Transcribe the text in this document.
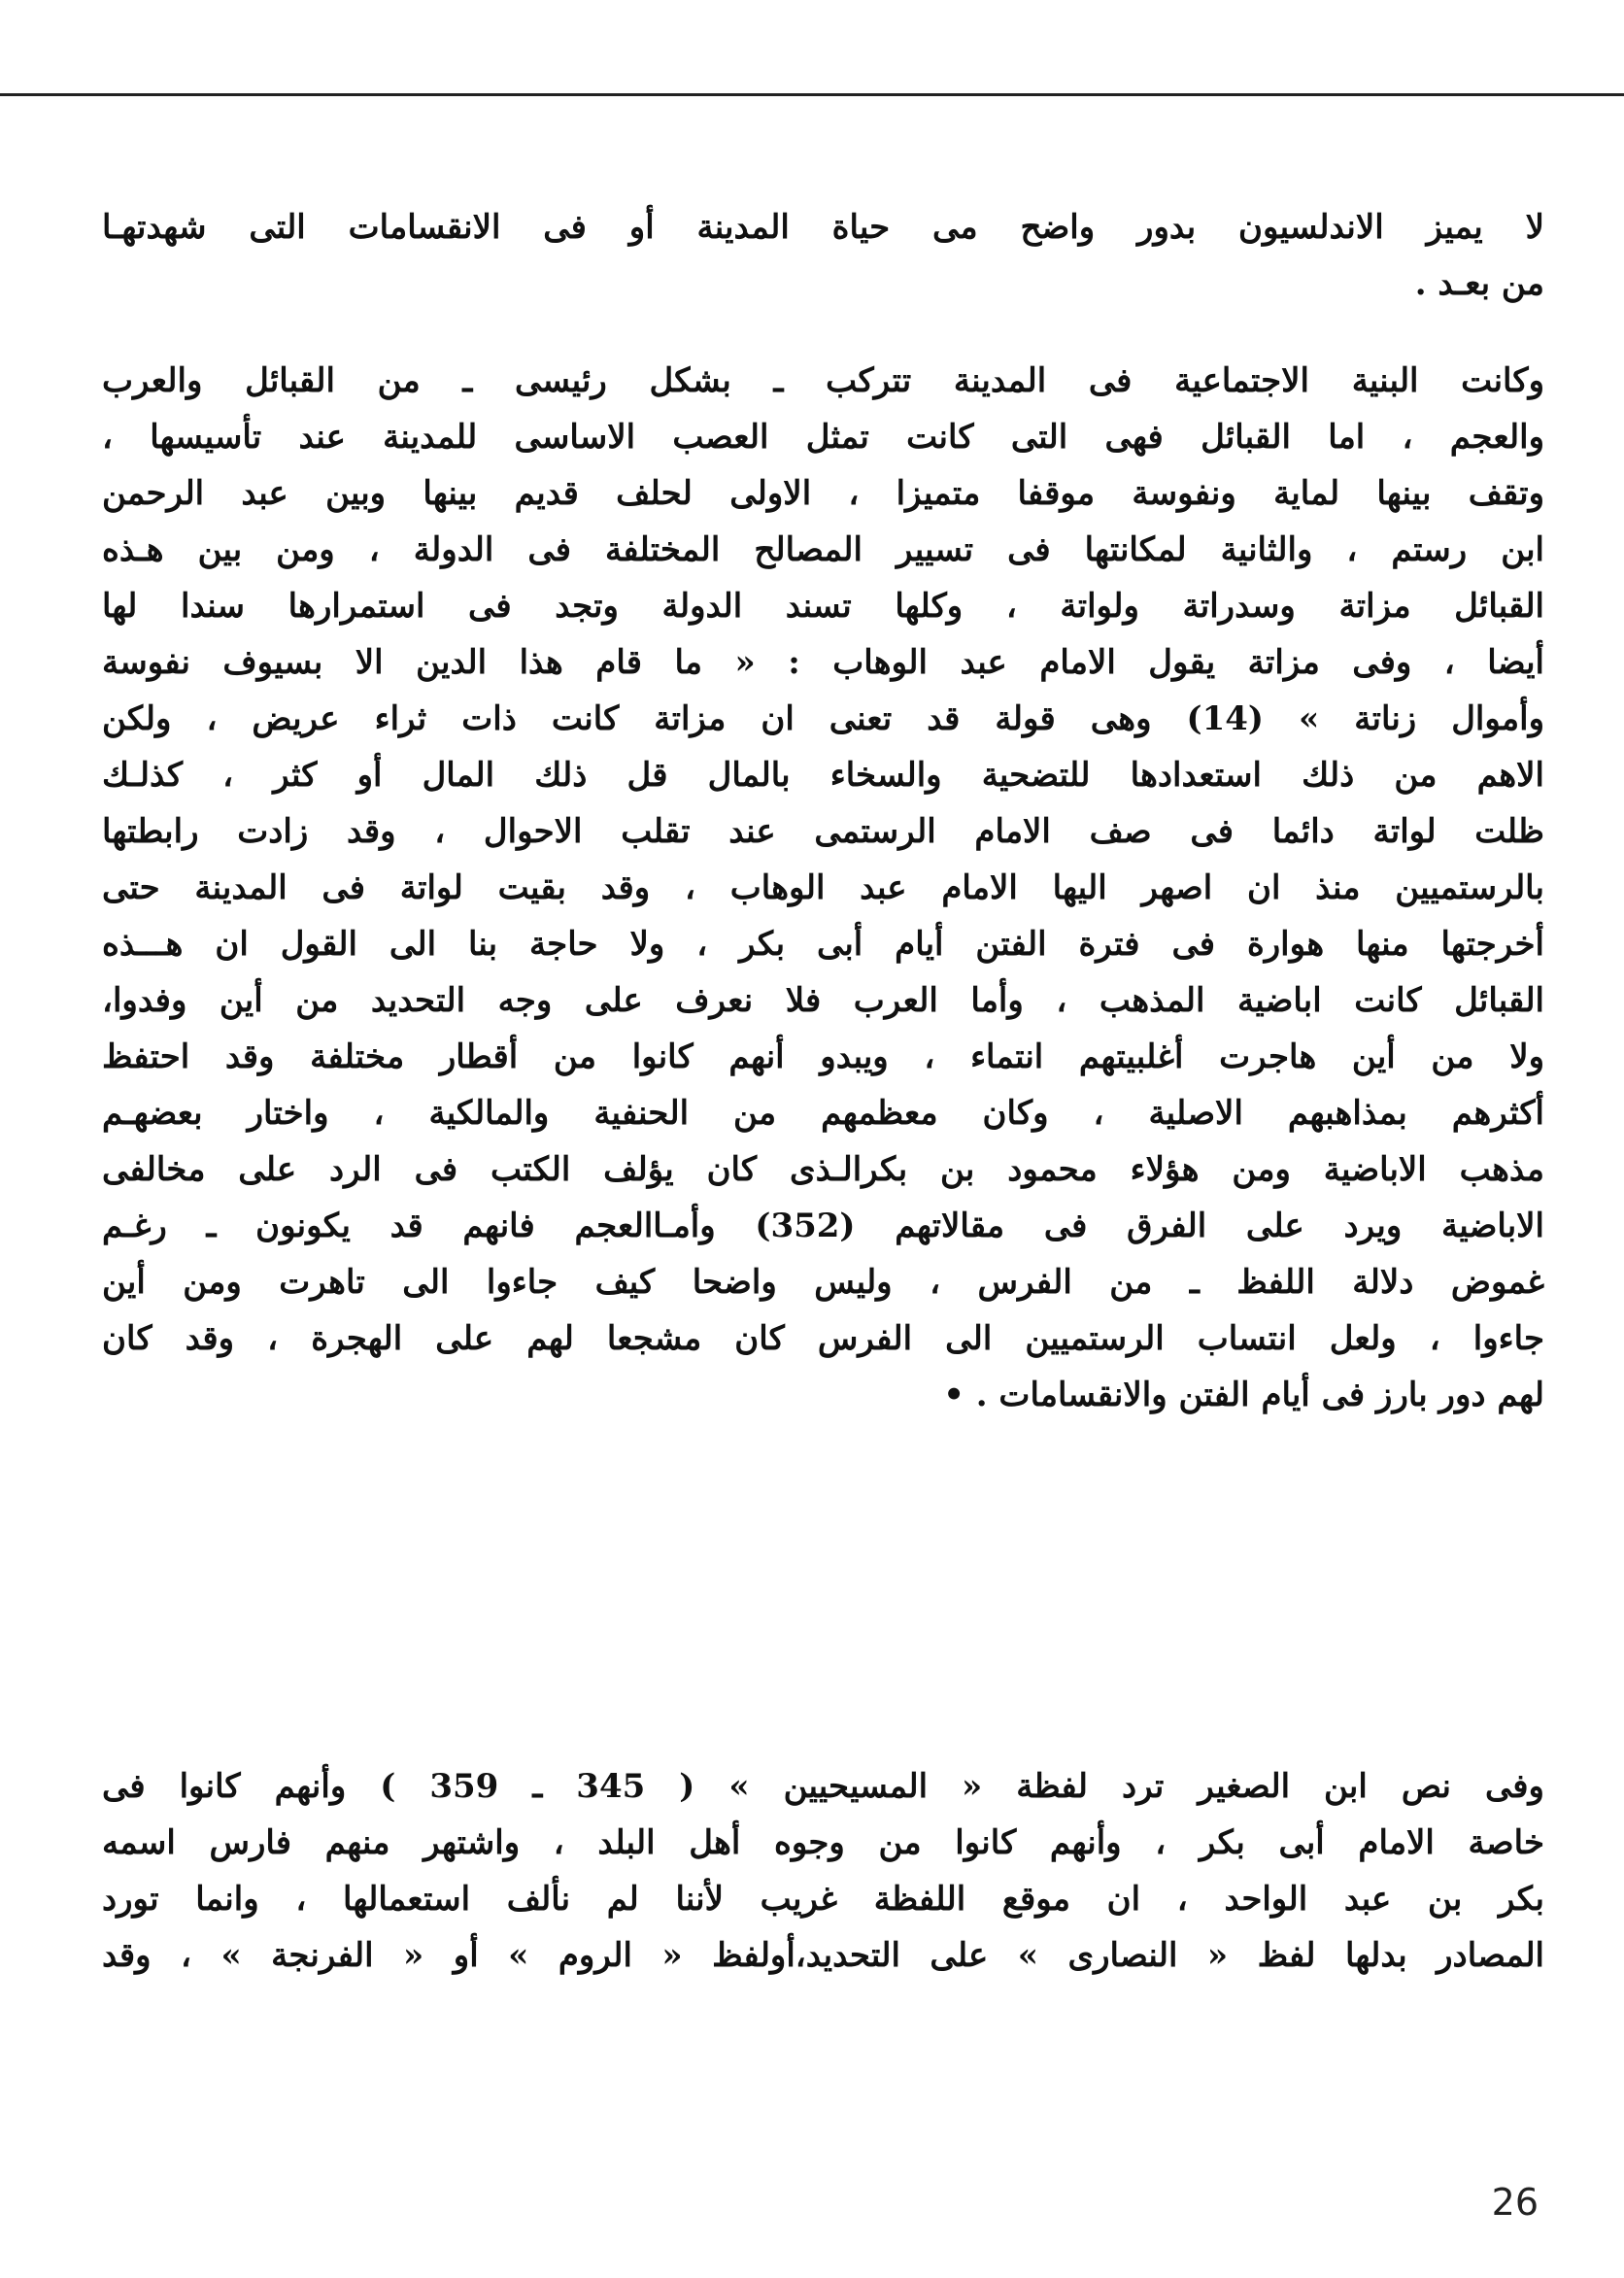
لا يميز الاندلسيون بدور واضح مى حياة المدينة أو فى الانقسامات التى شهدتهـا
من بعـد .
وكانت البنية الاجتماعية فى المدينة تتركب ـ بشكل رئيسى ـ من القبائل والعرب
والعجم ، اما القبائل فهى التى كانت تمثل العصب الاساسى للمدينة عند تأسيسها ،
وتقف بينها لماية ونفوسة موقفا متميزا ، الاولى لحلف قديم بينها وبين عبد الرحمن
ابن رستم ، والثانية لمكانتها فى تسيير المصالح المختلفة فى الدولة ، ومن بين هـذه
القبائل مزاتة وسدراتة ولواتة ، وكلها تسند الدولة وتجد فى استمرارها سندا لها
أيضا ، وفى مزاتة يقول الامام عبد الوهاب : « ما قام هذا الدين الا بسيوف نفوسة
وأموال زناتة » (14) وهى قولة قد تعنى ان مزاتة كانت ذات ثراء عريض ، ولكن
الاهم من ذلك استعدادها للتضحية والسخاء بالمال قل ذلك المال أو كثر ، كذلـك
ظلت لواتة دائما فى صف الامام الرستمى عند تقلب الاحوال ، وقد زادت رابطتها
بالرستميين منذ ان اصهر اليها الامام عبد الوهاب ، وقد بقيت لواتة فى المدينة حتى
أخرجتها منها هوارة فى فترة الفتن أيام أبى بكر ، ولا حاجة بنا الى القول ان هـــذه
القبائل كانت اباضية المذهب ، وأما العرب فلا نعرف على وجه التحديد من أين وفدوا،
ولا من أين هاجرت أغلبيتهم انتماء ، ويبدو أنهم كانوا من أقطار مختلفة وقد احتفظ
أكثرهم بمذاهبهم الاصلية ، وكان معظمهم من الحنفية والمالكية ، واختار بعضهـم
مذهب الاباضية ومن هؤلاء محمود بن بكرالـذى كان يؤلف الكتب فى الرد على مخالفى
الاباضية ويرد على الفرق فى مقالاتهم (352) وأمـاالعجم فانهم قد يكونون ـ رغـم
غموض دلالة اللفظ ـ من الفرس ، وليس واضحا كيف جاءوا الى تاهرت ومن أين
جاءوا ، ولعل انتساب الرستميين الى الفرس كان مشجعا لهم على الهجرة ، وقد كان
لهم دور بارز فى أيام الفتن والانقسامات . •
وفى نص ابن الصغير ترد لفظة « المسيحيين » ( 345 ـ 359 ) وأنهم كانوا فى
خاصة الامام أبى بكر ، وأنهم كانوا من وجوه أهل البلد ، واشتهر منهم فارس اسمه
بكر بن عبد الواحد ، ان موقع اللفظة غريب لأننا لم نألف استعمالها ، وانما تورد
المصادر بدلها لفظ « النصارى » على التحديد،أولفظ « الروم » أو « الفرنجة » ، وقد
26
